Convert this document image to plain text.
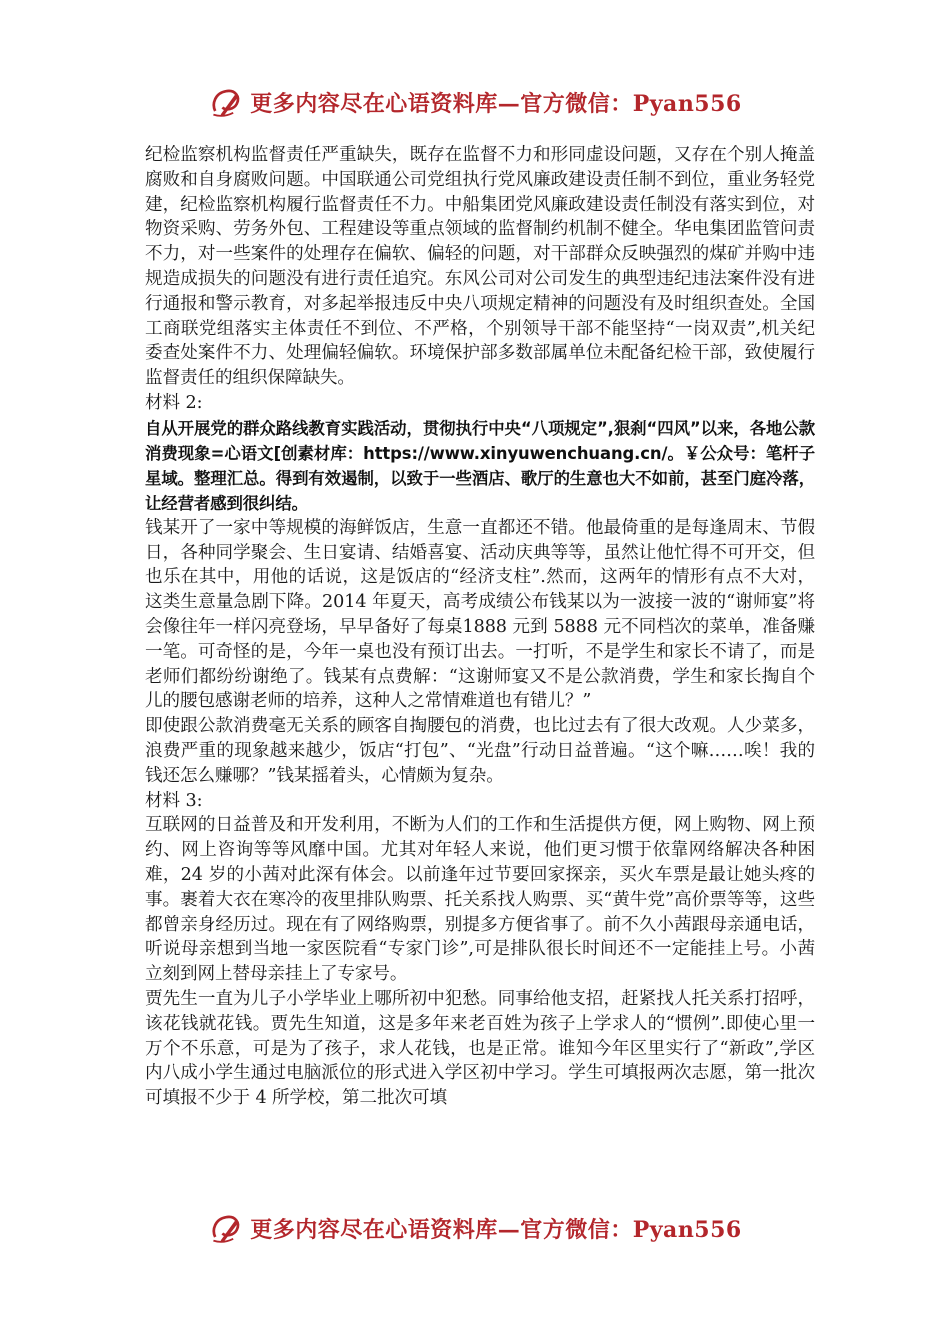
更多内容尽在心语资料库—官方微信：Pyan556

纪检监察机构监督责任严重缺失，既存在监督不力和形同虚设问题，又存在个别人掩盖腐败和自身腐败问题。中国联通公司党组执行党风廉政建设责任制不到位，重业务轻党建，纪检监察机构履行监督责任不力。中船集团党风廉政建设责任制没有落实到位，对物资采购、劳务外包、工程建设等重点领域的监督制约机制不健全。华电集团监管问责不力，对一些案件的处理存在偏软、偏轻的问题，对干部群众反映强烈的煤矿并购中违规造成损失的问题没有进行责任追究。东风公司对公司发生的典型违纪违法案件没有进行通报和警示教育，对多起举报违反中央八项规定精神的问题没有及时组织查处。全国工商联党组落实主体责任不到位、不严格，个别领导干部不能坚持“一岗双责”,机关纪委查处案件不力、处理偏轻偏软。环境保护部多数部属单位未配备纪检干部，致使履行监督责任的组织保障缺失。

材料 2:

自从开展党的群众路线教育实践活动，贯彻执行中央“八项规定”,狠刹“四风”以来，各地公款消费现象=心语文[创素材库：https://www.xinyuwenchuang.cn/。￥公众号：笔杆子星域。整理汇总。得到有效遏制，以致于一些酒店、歌厅的生意也大不如前，甚至门庭冷落，让经营者感到很纠结。

钱某开了一家中等规模的海鲜饭店，生意一直都还不错。他最倚重的是每逢周末、节假日，各种同学聚会、生日宴请、结婚喜宴、活动庆典等等，虽然让他忙得不可开交，但也乐在其中，用他的话说，这是饭店的“经济支柱”.然而，这两年的情形有点不大对，这类生意量急剧下降。2014 年夏天，高考成绩公布钱某以为一波接一波的“谢师宴”将会像往年一样闪亮登场，早早备好了每桌1888 元到 5888 元不同档次的菜单，准备赚一笔。可奇怪的是，今年一桌也没有预订出去。一打听，不是学生和家长不请了，而是老师们都纷纷谢绝了。钱某有点费解：“这谢师宴又不是公款消费，学生和家长掏自个儿的腰包感谢老师的培养，这种人之常情难道也有错儿？”

即使跟公款消费毫无关系的顾客自掏腰包的消费，也比过去有了很大改观。人少菜多，浪费严重的现象越来越少，饭店“打包”、“光盘”行动日益普遍。“这个嘛……唉！我的钱还怎么赚哪？”钱某摇着头，心情颇为复杂。

材料 3:

互联网的日益普及和开发利用，不断为人们的工作和生活提供方便，网上购物、网上预约、网上咨询等等风靡中国。尤其对年轻人来说，他们更习惯于依靠网络解决各种困难，24 岁的小茜对此深有体会。以前逢年过节要回家探亲，买火车票是最让她头疼的事。裹着大衣在寒冷的夜里排队购票、托关系找人购票、买“黄牛党”高价票等等，这些都曾亲身经历过。现在有了网络购票，别提多方便省事了。前不久小茜跟母亲通电话，听说母亲想到当地一家医院看“专家门诊”,可是排队很长时间还不一定能挂上号。小茜立刻到网上替母亲挂上了专家号。

贾先生一直为儿子小学毕业上哪所初中犯愁。同事给他支招，赶紧找人托关系打招呼，该花钱就花钱。贾先生知道，这是多年来老百姓为孩子上学求人的“惯例”.即使心里一万个不乐意，可是为了孩子，求人花钱，也是正常。谁知今年区里实行了“新政”,学区内八成小学生通过电脑派位的形式进入学区初中学习。学生可填报两次志愿，第一批次可填报不少于 4 所学校，第二批次可填

更多内容尽在心语资料库—官方微信：Pyan556
